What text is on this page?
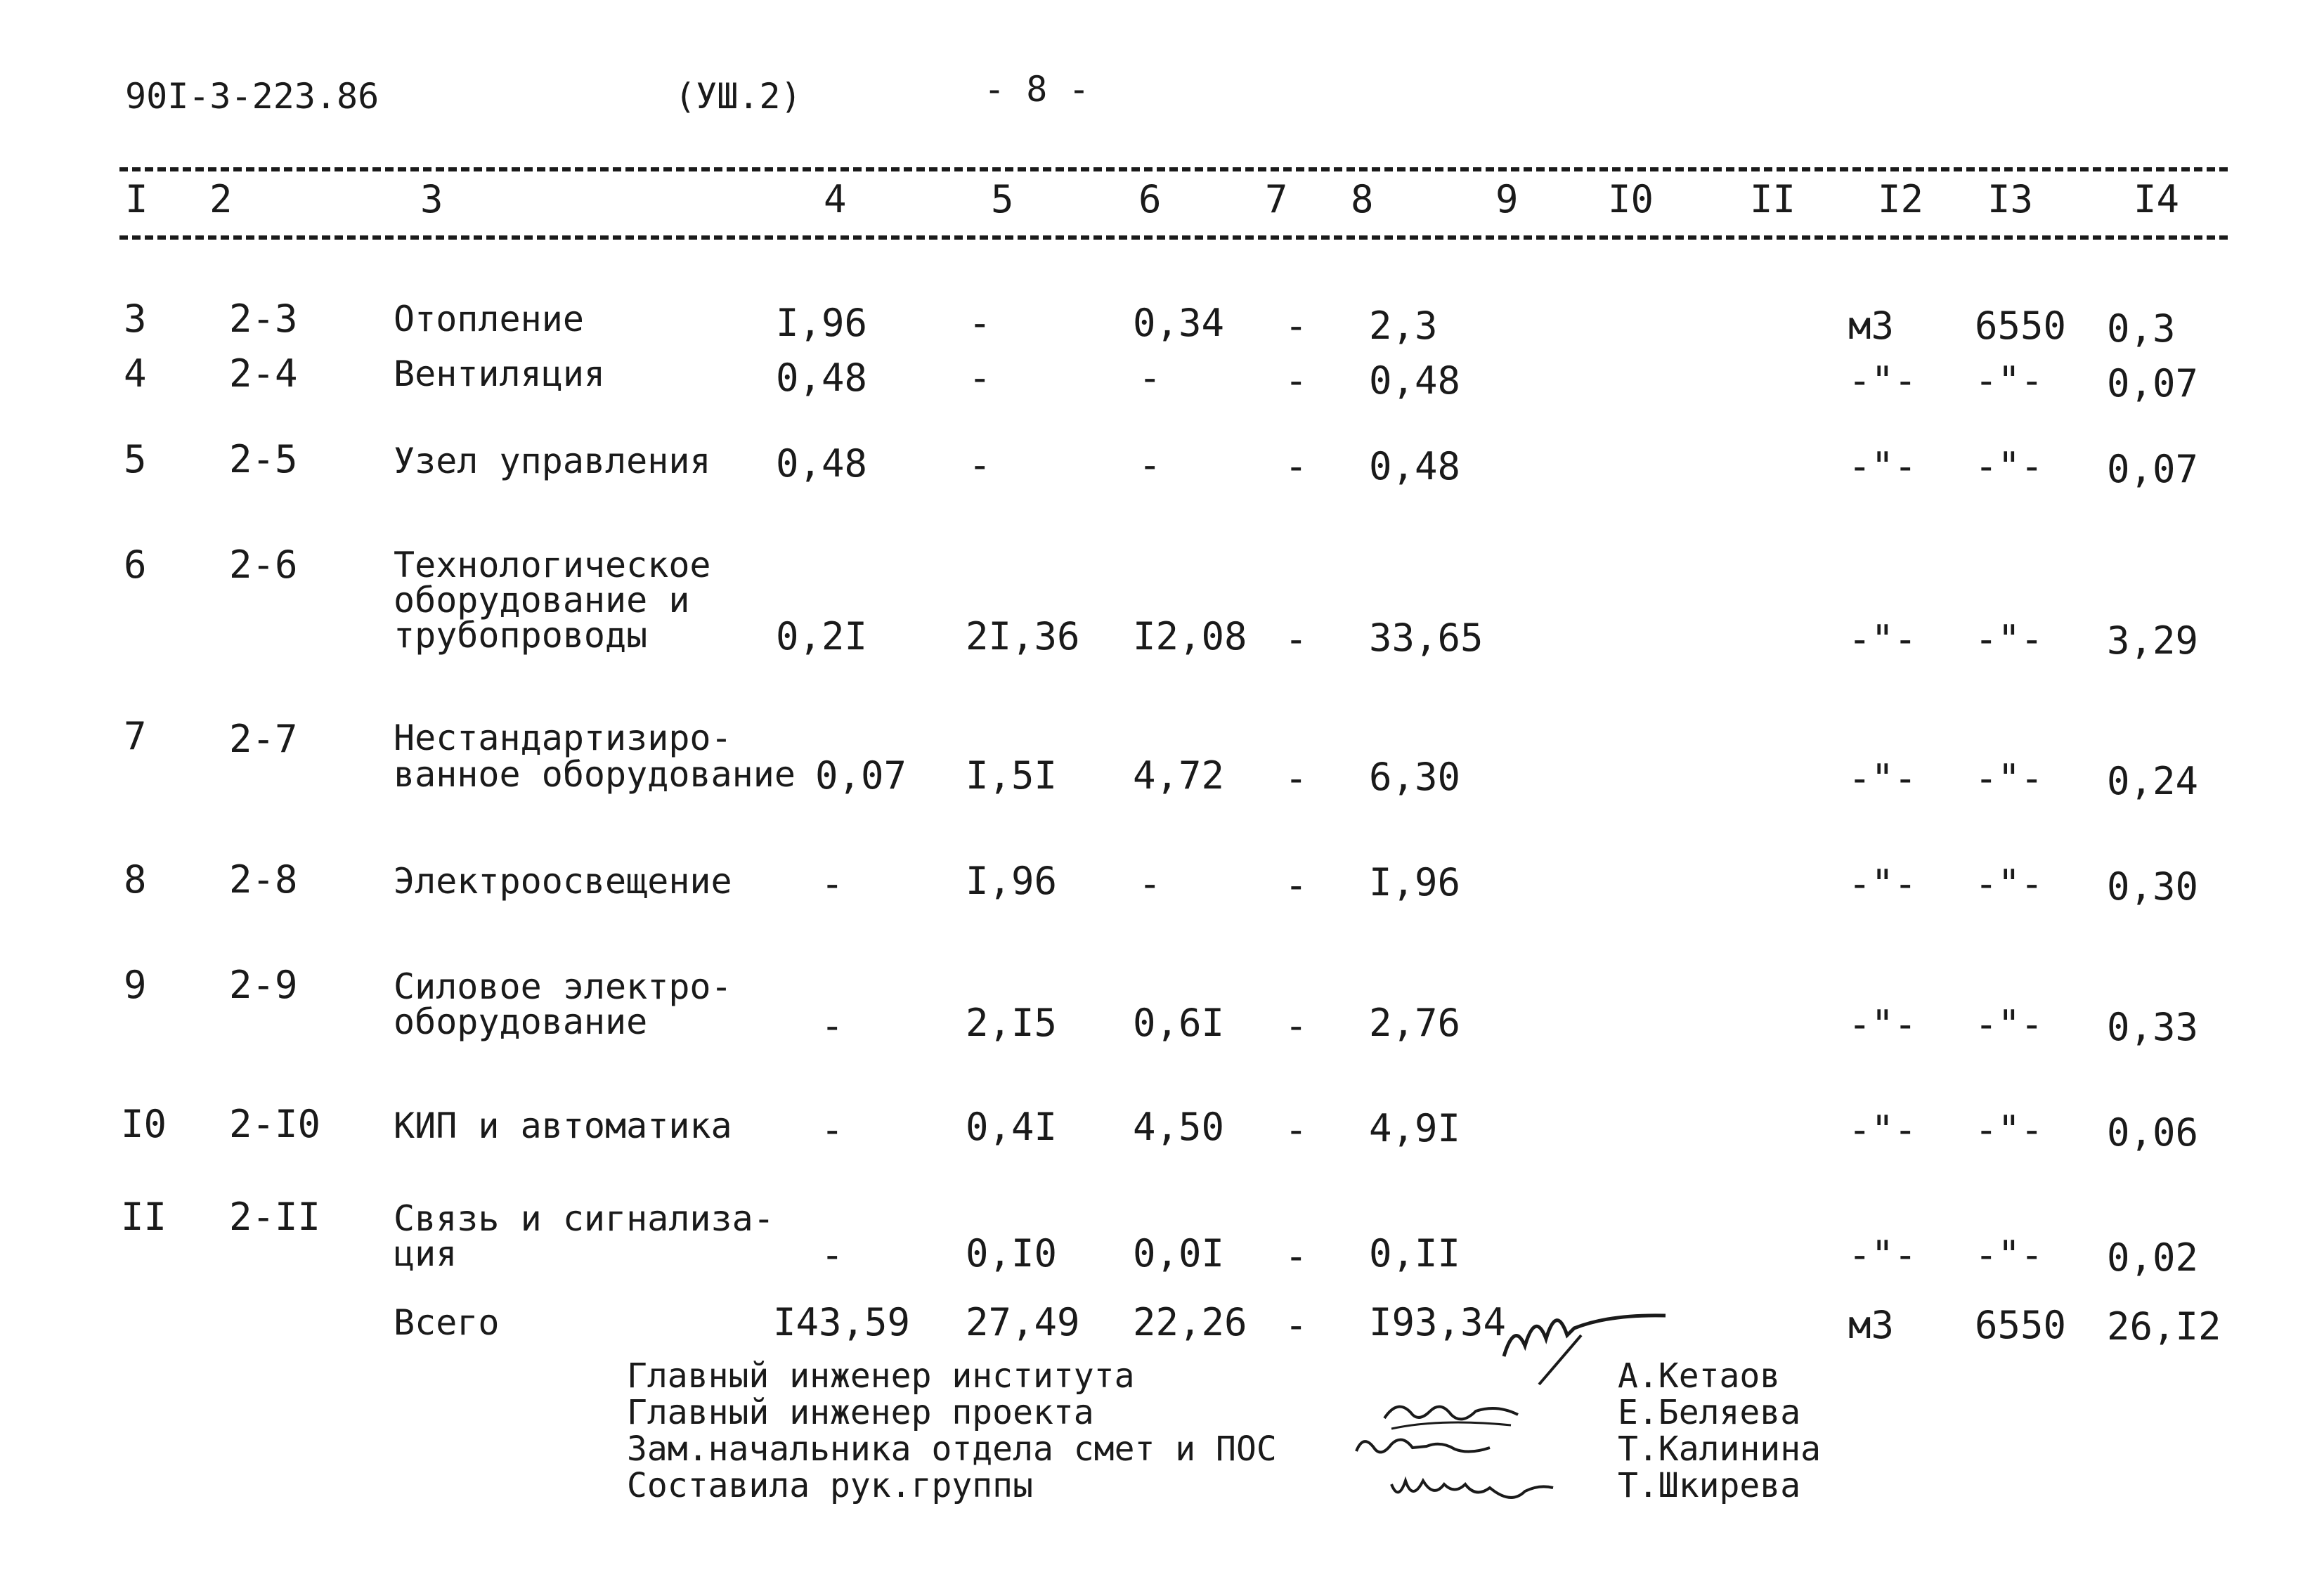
90I-3-223.86	(УШ.2)	- 8 -
I 2	3	4	5	6	7 8	9 I0	II I2 I3	I4
3 2-3	Отопление	I,96	-	0,34 - 2,3	м3 6550 0,3
4 2-4	Вентиляция	0,48	-	-	- 0,48	-"- -"- 0,07
5 2-5	Узел управления 0,48	-	-	- 0,48	-"- -"- 0,07
6 2-6	Технологическое
оборудование и
трубопроводы	0,2I	2I,36 I2,08 - 33,65	-"- -"- 3,29
7 2-7	Нестандартизиро-
ванное оборудование 0,07 I,5I 4,72 - 6,30	-"- -"- 0,24
8 2-8	Электроосвещение -	I,96 -	- I,96	-"- -"- 0,30
9 2-9	Силовое электро-
оборудование	-	2,I5 0,6I - 2,76	-"- -"- 0,33
I0 2-I0 КИП и автоматика -	0,4I 4,50 - 4,9I	-"- -"- 0,06
II 2-II Связь и сигнализа-
ция	-	0,I0 0,0I - 0,II	-"- -"- 0,02
Всего	I43,59 27,49 22,26 - I93,34	м3 6550 26,I2
Главный инженер института
Главный инженер проекта
Зам.начальника отдела смет и ПОС
Составила рук.группы
А.Кетаов
Е.Беляева
Т.Калинина
Т.Шкирева
